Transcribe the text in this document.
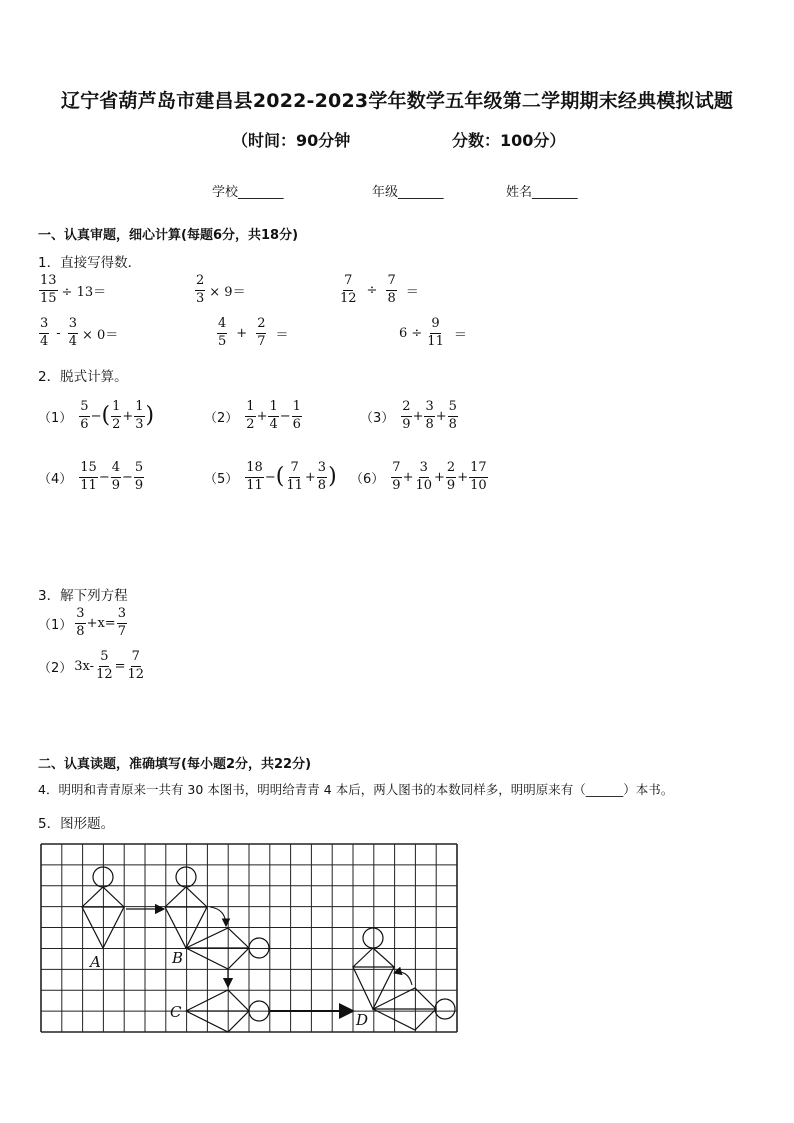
辽宁省葫芦岛市建昌县2022-2023学年数学五年级第二学期期末经典模拟试题
（时间：90分钟	分数：100分）
学校_______	年级_______	姓名_______
一、认真审题，细心计算(每题6分，共18分)
1．直接写得数．
$\frac{13}{15} \div 13=$	$\frac{2}{3} \times 9=$	$\frac{7}{12} \div \frac{7}{8}$ ＝
$\frac{3}{4} - \frac{3}{4} \times 0=$	$\frac{4}{5} + \frac{2}{7}$ ＝	$6 \div \frac{9}{11}$ ＝
2．脱式计算。
$(1) \frac{5}{6}$ − ( $\frac{1}{2} + \frac{1}{3}$ )	$(2) \frac{1}{2} + \frac{1}{4} - \frac{1}{6}$	$(3) \frac{2}{9} + \frac{3}{8} + \frac{5}{8}$
$(4) \frac{15}{11} - \frac{4}{9} - \frac{5}{9}$	$(5) \frac{18}{11}$ − ( $\frac{7}{11} + \frac{3}{8}$ ) $(6) \frac{7}{9} + \frac{3}{10} + \frac{2}{9} + \frac{17}{10}$
3．解下列方程
$(1) \frac{3}{8} +x= \frac{3}{7}$
（2） $3x- \frac{5}{12} = \frac{7}{12}$
二、认真读题，准确填写(每小题2分，共22分)
4．明明和青青原来一共有 30 本图书，明明给青青 4 本后，两人图书的本数同样多，明明原来有（______）本书。
5．图形题。
A	B
C	D
